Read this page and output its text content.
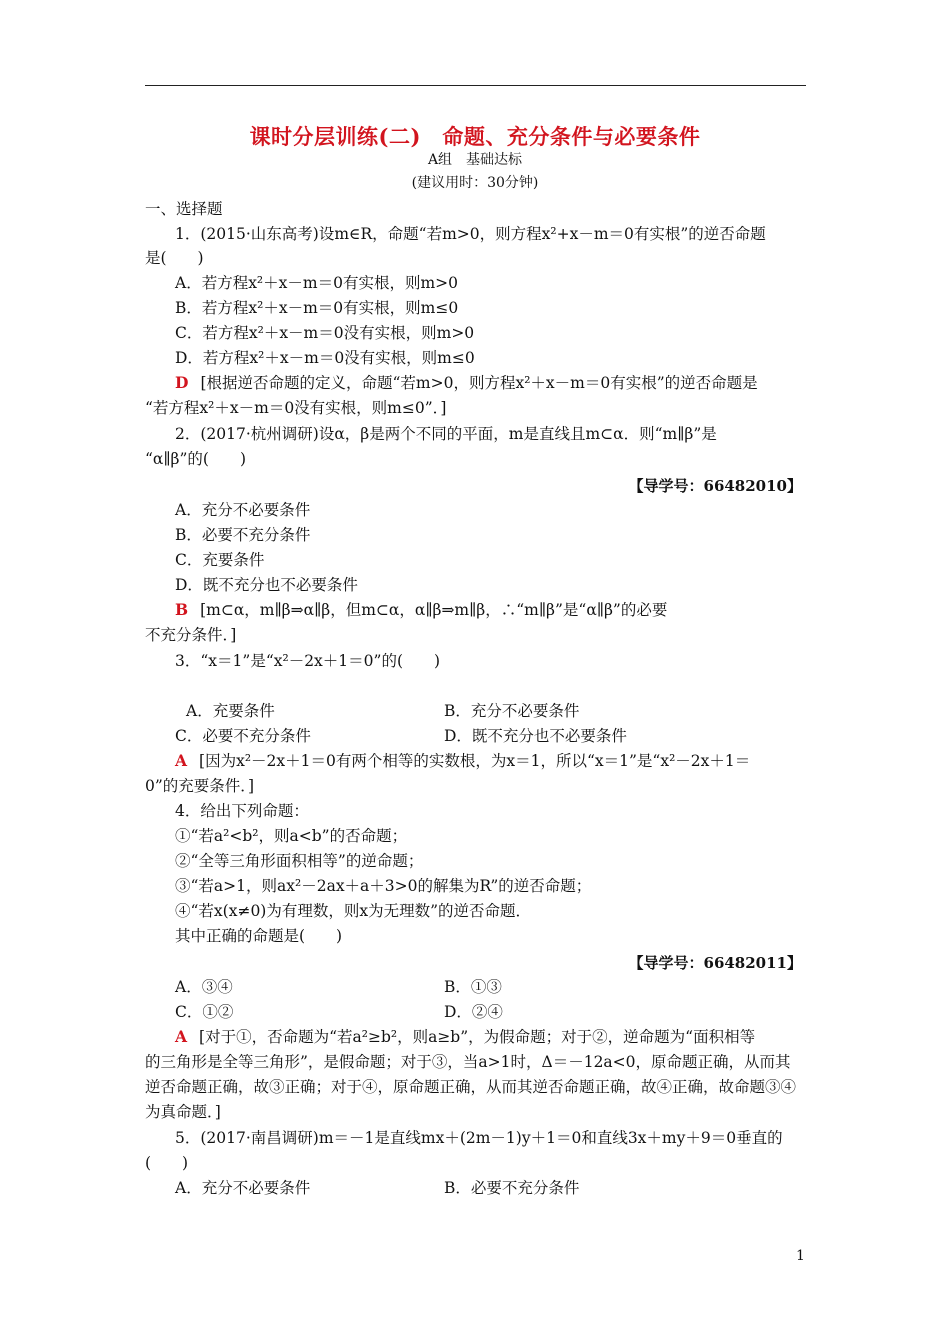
课时分层训练(二)　命题、充分条件与必要条件
A组　基础达标
(建议用时：30分钟)
一、选择题
1．(2015·山东高考)设m∈R，命题“若m>0，则方程x²+x－m＝0有实根”的逆否命题
是(　　)
A．若方程x²＋x－m＝0有实根，则m>0
B．若方程x²＋x－m＝0有实根，则m≤0
C．若方程x²＋x－m＝0没有实根，则m>0
D．若方程x²＋x－m＝0没有实根，则m≤0
D [根据逆否命题的定义，命题“若m>0，则方程x²＋x－m＝0有实根”的逆否命题是
“若方程x²＋x－m＝0没有实根，则m≤0”．]
2．(2017·杭州调研)设α，β是两个不同的平面，m是直线且m⊂α．则“m∥β”是
“α∥β”的(　　)
【导学号：66482010】
A．充分不必要条件
B．必要不充分条件
C．充要条件
D．既不充分也不必要条件
B [m⊂α，m∥β⇒α∥β，但m⊂α，α∥β⇒m∥β，∴“m∥β”是“α∥β”的必要
不充分条件．]
3．“x＝1”是“x²－2x＋1＝0”的(　　)
A．充要条件	B．充分不必要条件
C．必要不充分条件	D．既不充分也不必要条件
A [因为x²－2x＋1＝0有两个相等的实数根，为x＝1，所以“x＝1”是“x²－2x＋1＝
0”的充要条件．]
4．给出下列命题：
①“若a²<b²，则a<b”的否命题；
②“全等三角形面积相等”的逆命题；
③“若a>1，则ax²－2ax＋a＋3>0的解集为R”的逆否命题；
④“若x(x≠0)为有理数，则x为无理数”的逆否命题．
其中正确的命题是(　　)
【导学号：66482011】
A．③④	B．①③
C．①②	D．②④
A [对于①，否命题为“若a²≥b²，则a≥b”，为假命题；对于②，逆命题为“面积相等
的三角形是全等三角形”，是假命题；对于③，当a>1时，Δ＝－12a<0，原命题正确，从而其
逆否命题正确，故③正确；对于④，原命题正确，从而其逆否命题正确，故④正确，故命题③④
为真命题．]
5．(2017·南昌调研)m＝－1是直线mx＋(2m－1)y＋1＝0和直线3x＋my＋9＝0垂直的
(　　)
A．充分不必要条件	B．必要不充分条件
1
